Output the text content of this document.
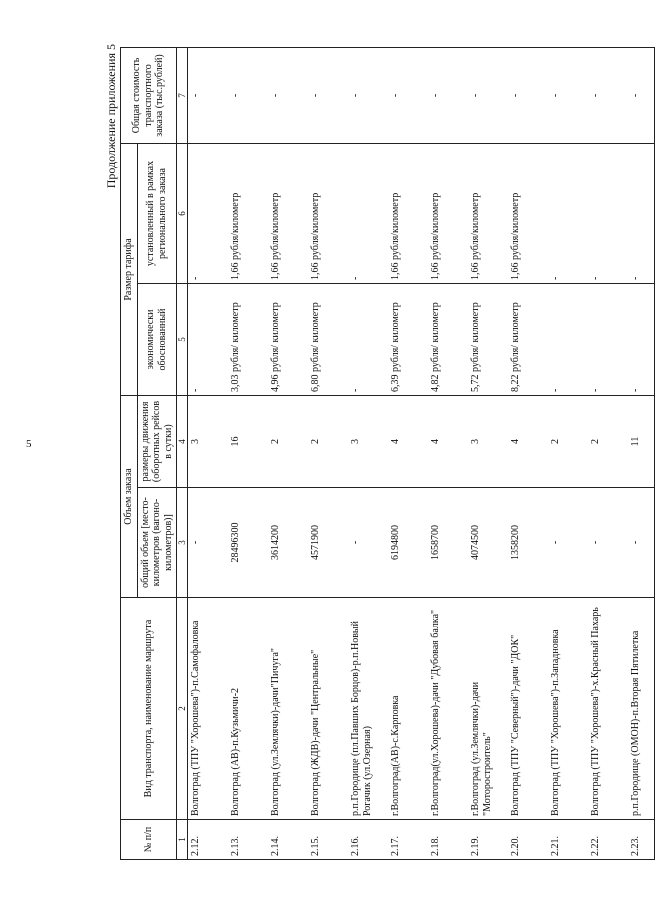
5
Продолжение приложения 5
№ п/п	Вид транспорта, наименование маршрута	Объем заказа		Размер тарифа		Общая стоимость транспортного заказа (тыс.рублей)
		общий объем [место-километров (вагоно-километров)]	размеры движения (оборотных рейсов в сутки)	экономически обоснованный	установленный в рамках регионального заказа	
1	2	3	4	5	6	7
2.12.	Волгоград (ТПУ "Хорошева")-п.Самофаловка	-	3	-	-	-
2.13.	Волгоград (АВ)-п.Кузьмичи-2	28496300	16	3,03 рубля/ километр	1,66 рубля/километр	-
2.14.	Волгоград (ул.Землячки)-дачи"Пичуга"	3614200	2	4,96 рубля/ километр	1,66 рубля/километр	-
2.15.	Волгоград (ЖДВ)-дачи "Центральные"	4571900	2	6,80 рубля/ километр	1,66 рубля/километр	-
2.16.	р.п.Городище (пл.Павших Борцов)-р.п.Новый Рогачик (ул.Озерная)	-	3	-	-	-
2.17.	г.Волгоград(АВ)-с.Карповка	6194800	4	6,39 рубля/ километр	1,66 рубля/километр	-
2.18.	г.Волгоград(ул.Хорошева)-дачи "Дубовая балка"	1658700	4	4,82 рубля/ километр	1,66 рубля/километр	-
2.19.	г.Волгоград (ул.Землячки)-дачи "Моторостроитель"	4074500	3	5,72 рубля/ километр	1,66 рубля/километр	-
2.20.	Волгоград (ТПУ "Северный")-дачи "ДОК"	1358200	4	8,22 рубля/ километр	1,66 рубля/километр	-
2.21.	Волгоград (ТПУ "Хорошева")-п.Западновка	-	2	-	-	-
2.22.	Волгоград (ТПУ "Хорошева")-х.Красный Пахарь	-	2	-	-	-
2.23.	р.п.Городище (ОМОН)-п.Вторая Пятилетка	-	11	-	-	-
